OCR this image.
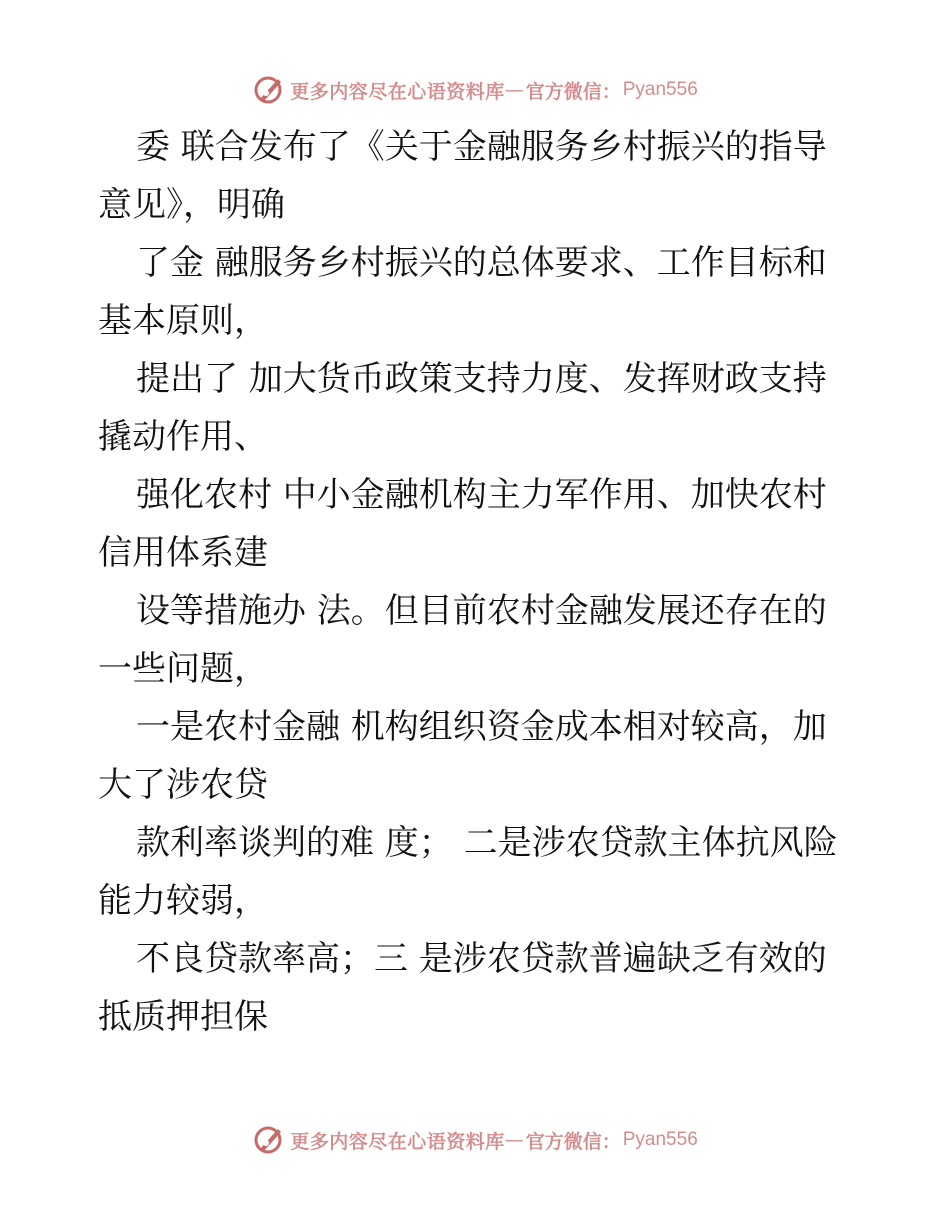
更多内容尽在心语资料库 — 官方微信： Pyan556

委 联合发布了《关于金融服务乡村振兴的指导
意见》，明确

了金 融服务乡村振兴的总体要求、工作目标和
基本原则，

提出了 加大货币政策支持力度、发挥财政支持
撬动作用、

强化农村 中小金融机构主力军作用、加快农村
信用体系建

设等措施办 法。但目前农村金融发展还存在的
一些问题，

一是农村金融 机构组织资金成本相对较高，加
大了涉农贷

款利率谈判的难 度； 二是涉农贷款主体抗风险
能力较弱，

不良贷款率高；三 是涉农贷款普遍缺乏有效的
抵质押担保

更多内容尽在心语资料库 — 官方微信： Pyan556
